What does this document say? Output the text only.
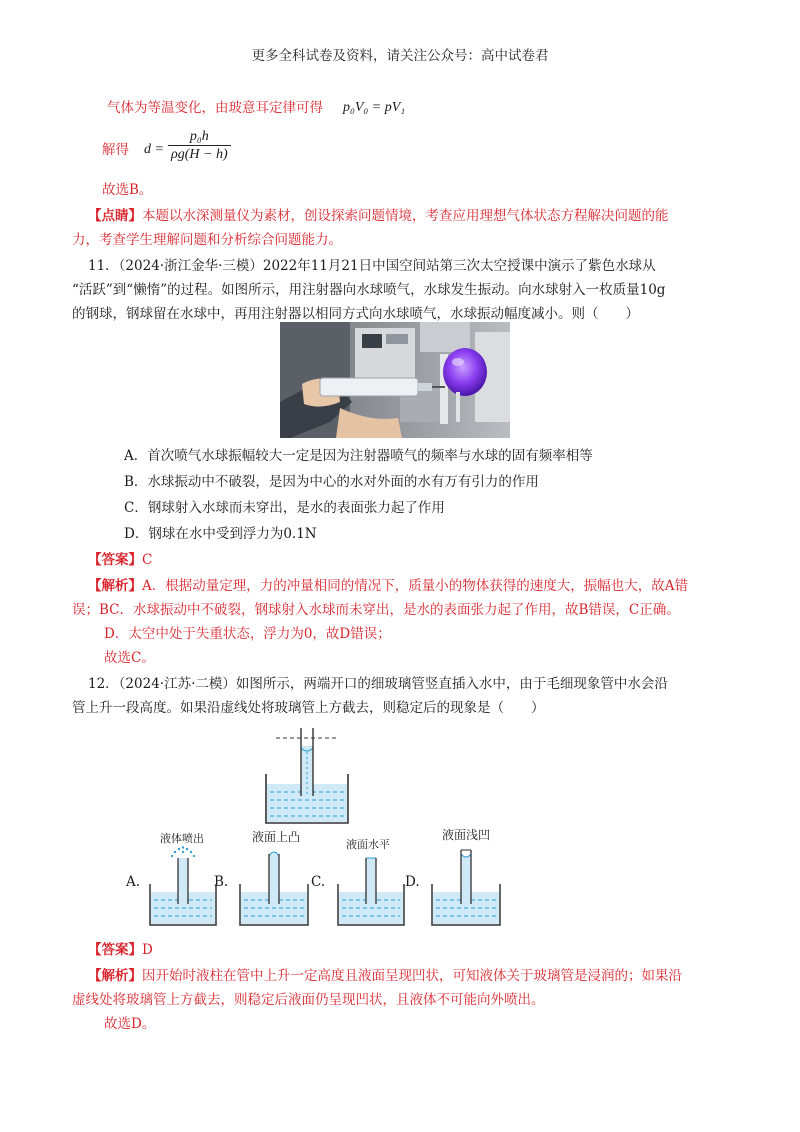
更多全科试卷及资料，请关注公众号：高中试卷君
气体为等温变化，由玻意耳定律可得 p₀V₀ = pV₁
解得 $d = \frac{\text{p₀h}}{\rho g(H - h)}$
故选B。
【点睛】本题以水深测量仪为素材，创设探索问题情境，考查应用理想气体状态方程解决问题的能
力，考查学生理解问题和分析综合问题能力。
11．（2024·浙江金华·三模）2022年11月21日中国空间站第三次太空授课中演示了紫色水球从
“活跃”到“懒惰”的过程。如图所示，用注射器向水球喷气，水球发生振动。向水球射入一枚质量10g
的钢球，钢球留在水球中，再用注射器以相同方式向水球喷气，水球振动幅度减小。则（　　）
A．首次喷气水球振幅较大一定是因为注射器喷气的频率与水球的固有频率相等
B．水球振动中不破裂，是因为中心的水对外面的水有万有引力的作用
C．钢球射入水球而未穿出，是水的表面张力起了作用
D．钢球在水中受到浮力为0.1N
【答案】C
【解析】A．根据动量定理，力的冲量相同的情况下，质量小的物体获得的速度大，振幅也大，故A错
误；BC．水球振动中不破裂，钢球射入水球而未穿出，是水的表面张力起了作用，故B错误，C正确。
D．太空中处于失重状态，浮力为0，故D错误；
故选C。
12．（2024·江苏·二模）如图所示，两端开口的细玻璃管竖直插入水中，由于毛细现象管中水会沿
管上升一段高度。如果沿虚线处将玻璃管上方截去，则稳定后的现象是（　　）
A.	B.	C.	D.
液体喷出	液面上凸
液面水平
液面浅凹
【答案】D
【解析】因开始时液柱在管中上升一定高度且液面呈现凹状，可知液体关于玻璃管是浸润的；如果沿
虚线处将玻璃管上方截去，则稳定后液面仍呈现凹状，且液体不可能向外喷出。
故选D。
